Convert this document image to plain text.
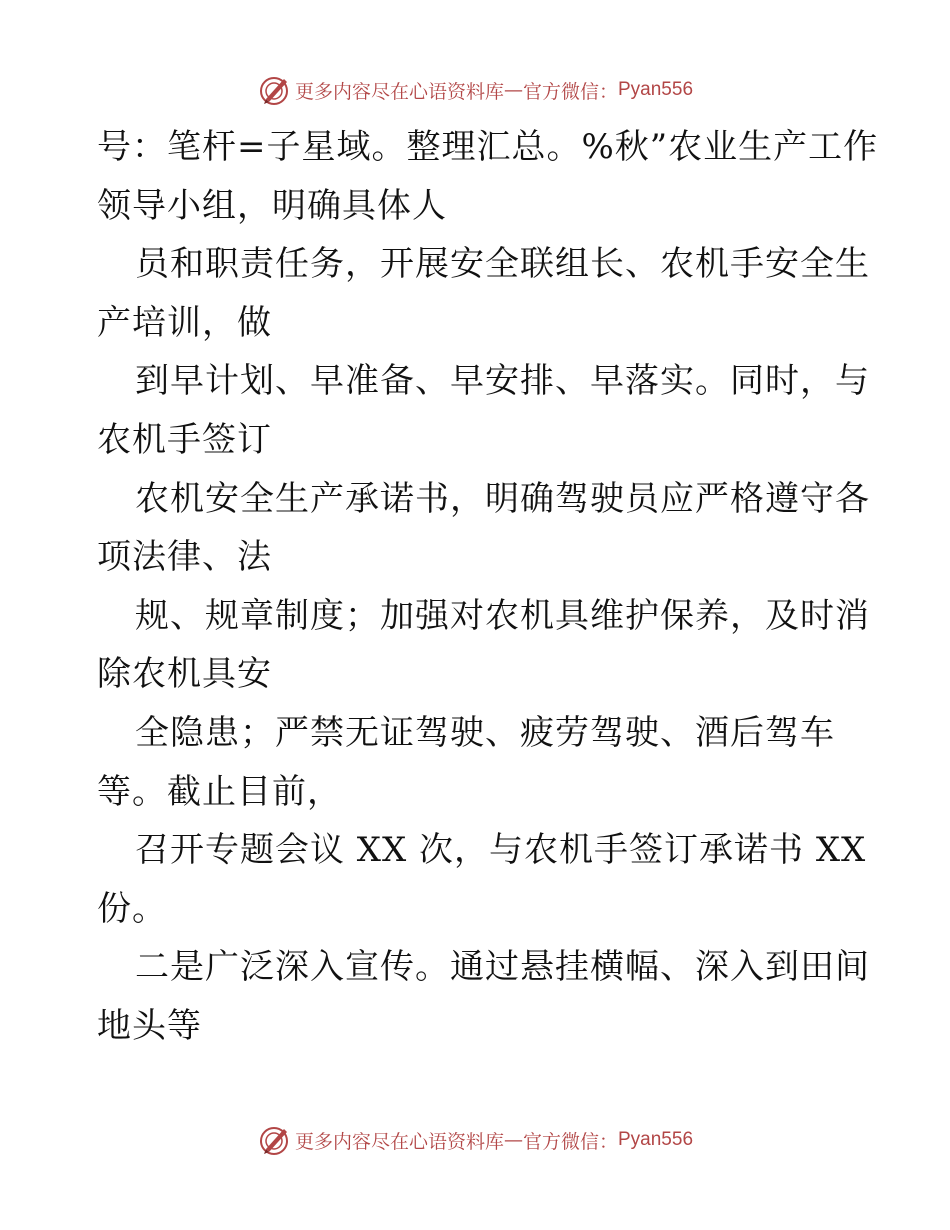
更多内容尽在心语资料库 — 官方微信： Pyan556
号：笔杆=子星域。整理汇总。%秋”农业生产工作
领导小组，明确具体人
员和职责任务，开展安全联组长、农机手安全生
产培训，做
到早计划、早准备、早安排、早落实。同时，与
农机手签订
农机安全生产承诺书，明确驾驶员应严格遵守各
项法律、法
规、规章制度；加强对农机具维护保养，及时消
除农机具安
全隐患；严禁无证驾驶、疲劳驾驶、酒后驾车
等。截止目前，
召开专题会议 XX 次，与农机手签订承诺书 XX
份。
二是广泛深入宣传。通过悬挂横幅、深入到田间
地头等
更多内容尽在心语资料库 — 官方微信： Pyan556
